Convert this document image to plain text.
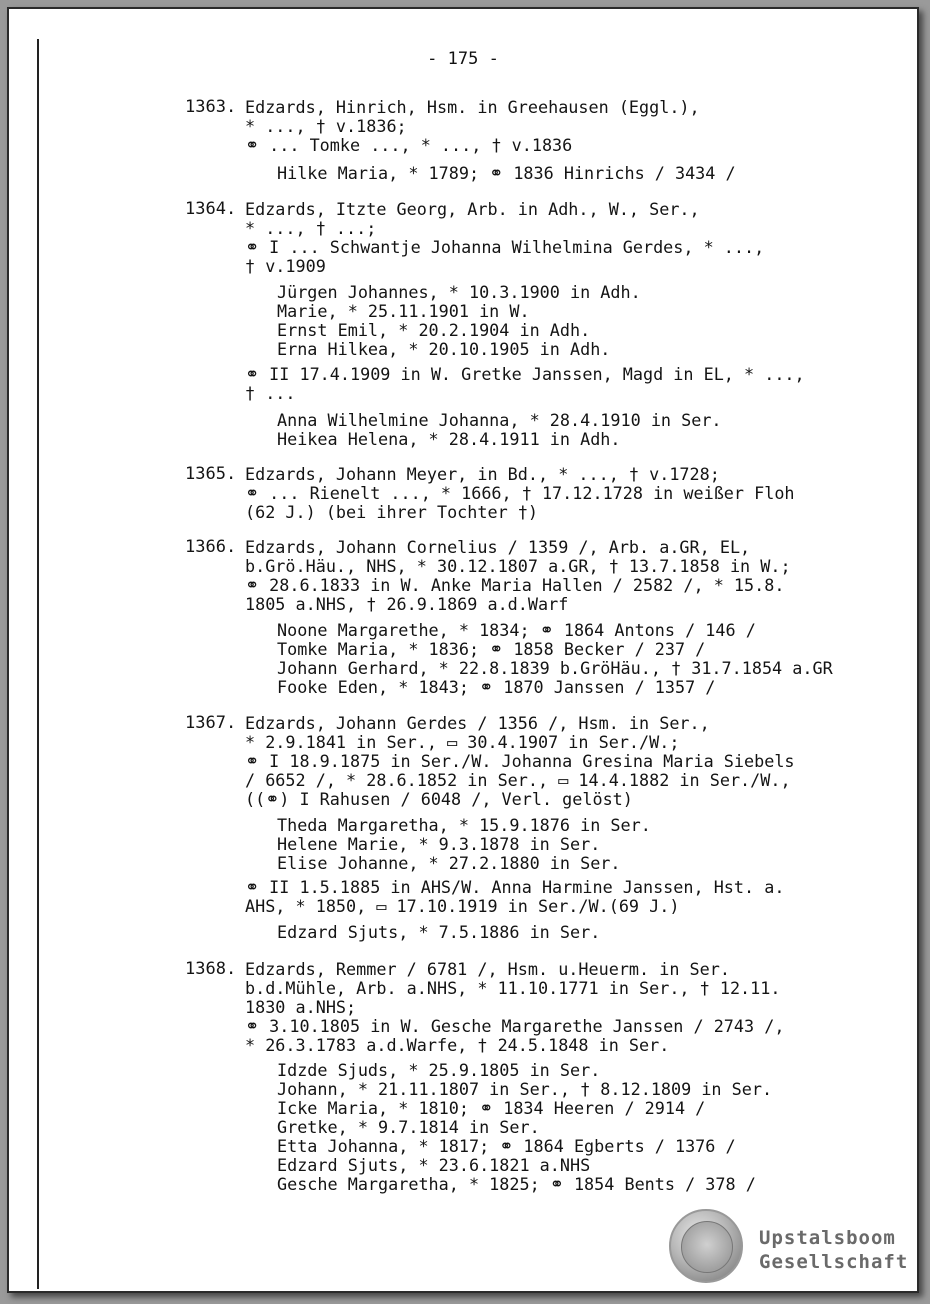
- 175 -
1363. Edzards, Hinrich, Hsm. in Greehausen (Eggl.),
* ..., † v.1836;
⚭ ... Tomke ..., * ..., † v.1836
Hilke Maria, * 1789; ⚭ 1836 Hinrichs / 3434 /
1364. Edzards, Itzte Georg, Arb. in Adh., W., Ser.,
* ..., † ...;
⚭ I ... Schwantje Johanna Wilhelmina Gerdes, * ...,
† v.1909
Jürgen Johannes, * 10.3.1900 in Adh.
Marie, * 25.11.1901 in W.
Ernst Emil, * 20.2.1904 in Adh.
Erna Hilkea, * 20.10.1905 in Adh.
⚭ II 17.4.1909 in W. Gretke Janssen, Magd in EL, * ...,
† ...
Anna Wilhelmine Johanna, * 28.4.1910 in Ser.
Heikea Helena, * 28.4.1911 in Adh.
1365. Edzards, Johann Meyer, in Bd., * ..., † v.1728;
⚭ ... Rienelt ..., * 1666, † 17.12.1728 in weißer Floh
(62 J.) (bei ihrer Tochter †)
1366. Edzards, Johann Cornelius / 1359 /, Arb. a.GR, EL,
b.Grö.Häu., NHS, * 30.12.1807 a.GR, † 13.7.1858 in W.;
⚭ 28.6.1833 in W. Anke Maria Hallen / 2582 /, * 15.8.
1805 a.NHS, † 26.9.1869 a.d.Warf
Noone Margarethe, * 1834; ⚭ 1864 Antons / 146 /
Tomke Maria, * 1836; ⚭ 1858 Becker / 237 /
Johann Gerhard, * 22.8.1839 b.GröHäu., † 31.7.1854 a.GR
Fooke Eden, * 1843; ⚭ 1870 Janssen / 1357 /
1367. Edzards, Johann Gerdes / 1356 /, Hsm. in Ser.,
* 2.9.1841 in Ser., ▭ 30.4.1907 in Ser./W.;
⚭ I 18.9.1875 in Ser./W. Johanna Gresina Maria Siebels
/ 6652 /, * 28.6.1852 in Ser., ▭ 14.4.1882 in Ser./W.,
((⚭) I Rahusen / 6048 /, Verl. gelöst)
Theda Margaretha, * 15.9.1876 in Ser.
Helene Marie, * 9.3.1878 in Ser.
Elise Johanne, * 27.2.1880 in Ser.
⚭ II 1.5.1885 in AHS/W. Anna Harmine Janssen, Hst. a.
AHS, * 1850, ▭ 17.10.1919 in Ser./W.(69 J.)
Edzard Sjuts, * 7.5.1886 in Ser.
1368. Edzards, Remmer / 6781 /, Hsm. u.Heuerm. in Ser.
b.d.Mühle, Arb. a.NHS, * 11.10.1771 in Ser., † 12.11.
1830 a.NHS;
⚭ 3.10.1805 in W. Gesche Margarethe Janssen / 2743 /,
* 26.3.1783 a.d.Warfe, † 24.5.1848 in Ser.
Idzde Sjuds, * 25.9.1805 in Ser.
Johann, * 21.11.1807 in Ser., † 8.12.1809 in Ser.
Icke Maria, * 1810; ⚭ 1834 Heeren / 2914 /
Gretke, * 9.7.1814 in Ser.
Etta Johanna, * 1817; ⚭ 1864 Egberts / 1376 /
Edzard Sjuts, * 23.6.1821 a.NHS
Gesche Margaretha, * 1825; ⚭ 1854 Bents / 378 /
Upstalsboom
Gesellschaft
